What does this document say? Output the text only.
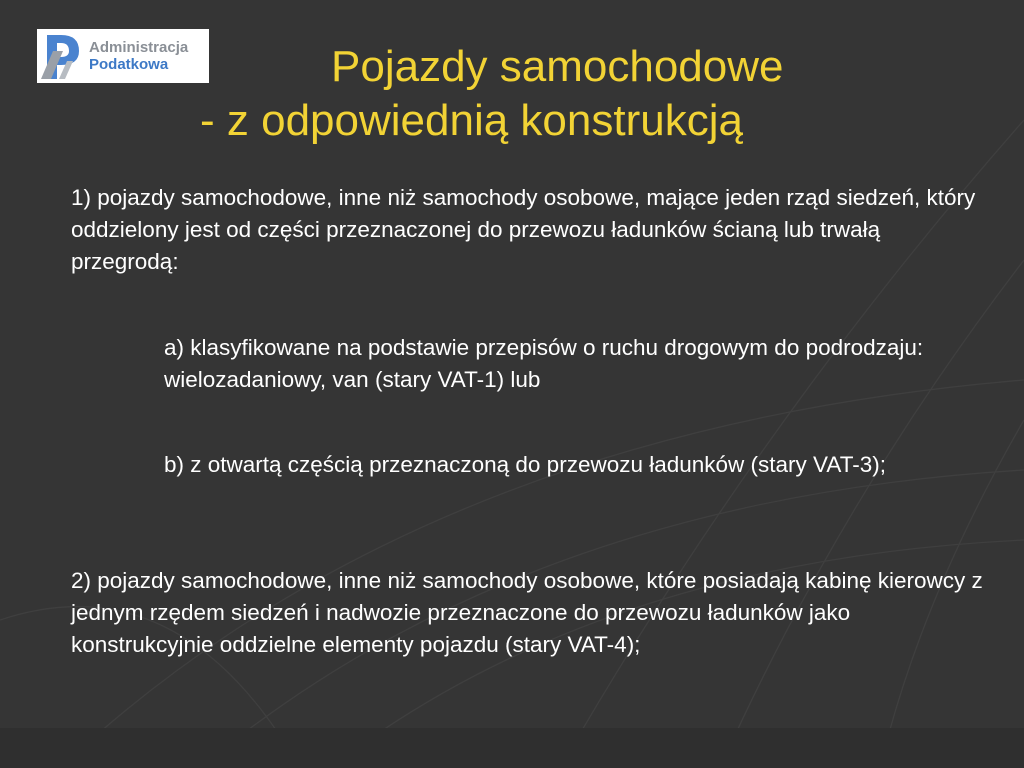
Administracja
Podatkowa	Pojazdy samochodowe
- z odpowiednią konstrukcją

1) pojazdy samochodowe, inne niż samochody osobowe, mające jeden rząd siedzeń, który oddzielony jest od części przeznaczonej do przewozu ładunków ścianą lub trwałą przegrodą:

a) klasyfikowane na podstawie przepisów o ruchu drogowym do podrodzaju: wielozadaniowy, van (stary VAT-1) lub

b) z otwartą częścią przeznaczoną do przewozu ładunków (stary VAT-3);

2) pojazdy samochodowe, inne niż samochody osobowe, które posiadają kabinę kierowcy z jednym rzędem siedzeń i nadwozie przeznaczone do przewozu ładunków jako konstrukcyjnie oddzielne elementy pojazdu (stary VAT-4);
